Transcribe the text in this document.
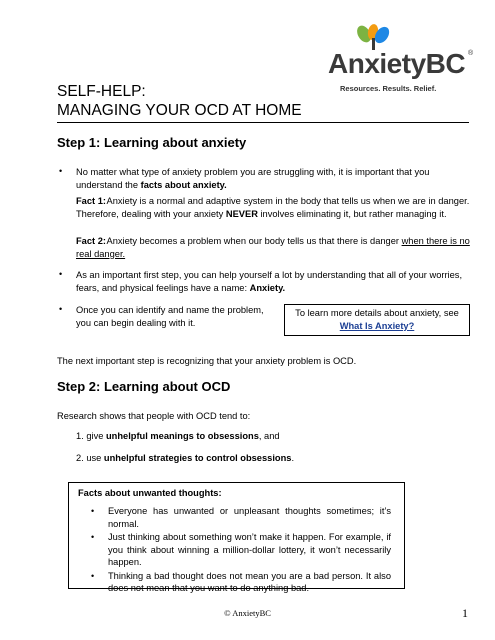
AnxietyBC ®
Resources. Results. Relief.
SELF-HELP:
MANAGING YOUR OCD AT HOME
Step 1: Learning about anxiety
• No matter what type of anxiety problem you are struggling with, it is important that you understand the facts about anxiety.
Fact 1:
Anxiety is a normal and adaptive system in the body that tells us when we are in danger. Therefore, dealing with your anxiety NEVER involves eliminating it, but rather managing it.
Fact 2:
Anxiety becomes a problem when our body tells us that there is danger when there is no real danger.
• As an important first step, you can help yourself a lot by understanding that all of your worries, fears, and physical feelings have a name: Anxiety.
• Once you can identify and name the problem, you can begin dealing with it.
To learn more details about anxiety, see What Is Anxiety?
The next important step is recognizing that your anxiety problem is OCD.
Step 2: Learning about OCD
Research shows that people with OCD tend to:
1. give unhelpful meanings to obsessions, and
2. use unhelpful strategies to control obsessions.
Facts about unwanted thoughts:
• Everyone has unwanted or unpleasant thoughts sometimes; it’s normal.
• Just thinking about something won’t make it happen. For example, if you think about winning a million-dollar lottery, it won’t necessarily happen.
• Thinking a bad thought does not mean you are a bad person. It also does not mean that you want to do anything bad.
© AnxietyBC	1
